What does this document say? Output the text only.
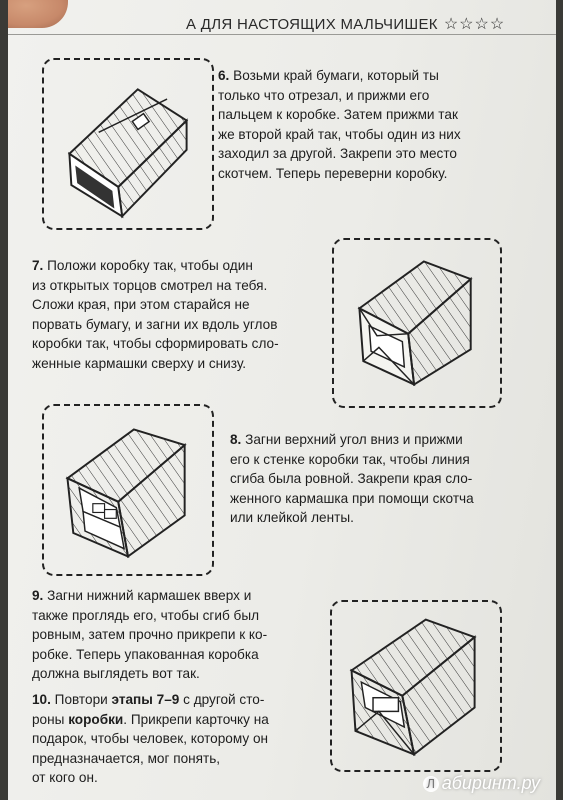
А ДЛЯ НАСТОЯЩИХ МАЛЬЧИШЕК ☆☆☆☆
6. Возьми край бумаги, который ты
только что отрезал, и прижми его
пальцем к коробке. Затем прижми так
же второй край так, чтобы один из них
заходил за другой. Закрепи это место
скотчем. Теперь переверни коробку.
7. Положи коробку так, чтобы один
из открытых торцов смотрел на тебя.
Сложи края, при этом старайся не
порвать бумагу, и загни их вдоль углов
коробки так, чтобы сформировать сло-
женные кармашки сверху и снизу.
8. Загни верхний угол вниз и прижми
его к стенке коробки так, чтобы линия
сгиба была ровной. Закрепи края сло-
женного кармашка при помощи скотча
или клейкой ленты.
9. Загни нижний кармашек вверх и
также проглядь его, чтобы сгиб был
ровным, затем прочно прикрепи к ко-
робке. Теперь упакованная коробка
должна выглядеть вот так.
10. Повтори этапы 7–9 с другой сто-
роны коробки. Прикрепи карточку на
подарок, чтобы человек, которому он
предназначается, мог понять,
от кого он.	Л абиринт.ру
